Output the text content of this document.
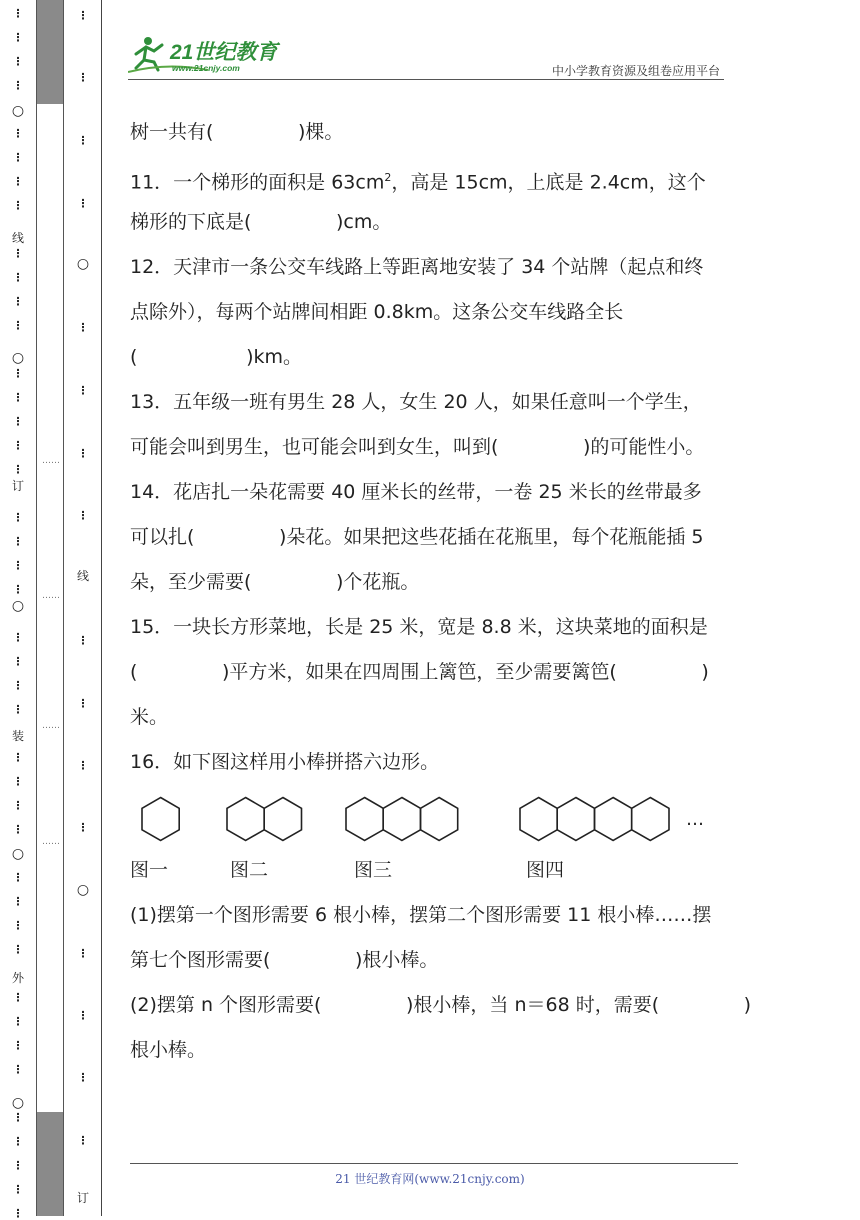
⋮
⋮
⋮
⋮
⋮
⋮
⋮
⋮
⋮
⋮
⋮
⋮
⋮
⋮
⋮
⋮
⋮
⋮
⋮
⋮
⋮
⋮
⋮
⋮
⋮
⋮
⋮
⋮
⋮
⋮
⋮
⋮
⋮
⋮
⋮
⋮
⋮
⋮
⋮
⋮
⋮
⋮
○
○
○
○
○
线
订
装
外
……
……
……
……
⋮
⋮
⋮
⋮
⋮
⋮
⋮
⋮
⋮
⋮
⋮
⋮
⋮
⋮
⋮
⋮
○
○
线
订
21世纪教育
www.21cnjy.com	中小学教育资源及组卷应用平台
树一共有(              )棵。
11．一个梯形的面积是 $63cm^2$，高是 15cm，上底是 2.4cm，这个
梯形的下底是(              )cm。
12．天津市一条公交车线路上等距离地安装了 34 个站牌（起点和终
点除外），每两个站牌间相距 0.8km。这条公交车线路全长
(                  )km。
13．五年级一班有男生 28 人，女生 20 人，如果任意叫一个学生，
可能会叫到男生，也可能会叫到女生，叫到(              )的可能性小。
14．花店扎一朵花需要 40 厘米长的丝带，一卷 25 米长的丝带最多
可以扎(              )朵花。如果把这些花插在花瓶里，每个花瓶能插 5
朵，至少需要(              )个花瓶。
15．一块长方形菜地，长是 25 米，宽是 8.8 米，这块菜地的面积是
(              )平方米，如果在四周围上篱笆，至少需要篱笆(              )
米。
16．如下图这样用小棒拼搭六边形。
…
图一	图二	图三	图四
(1)摆第一个图形需要 6 根小棒，摆第二个图形需要 11 根小棒……摆
第七个图形需要(              )根小棒。
(2)摆第 n 个图形需要(              )根小棒，当 n＝68 时，需要(              )
根小棒。
21 世纪教育网(www.21cnjy.com)
